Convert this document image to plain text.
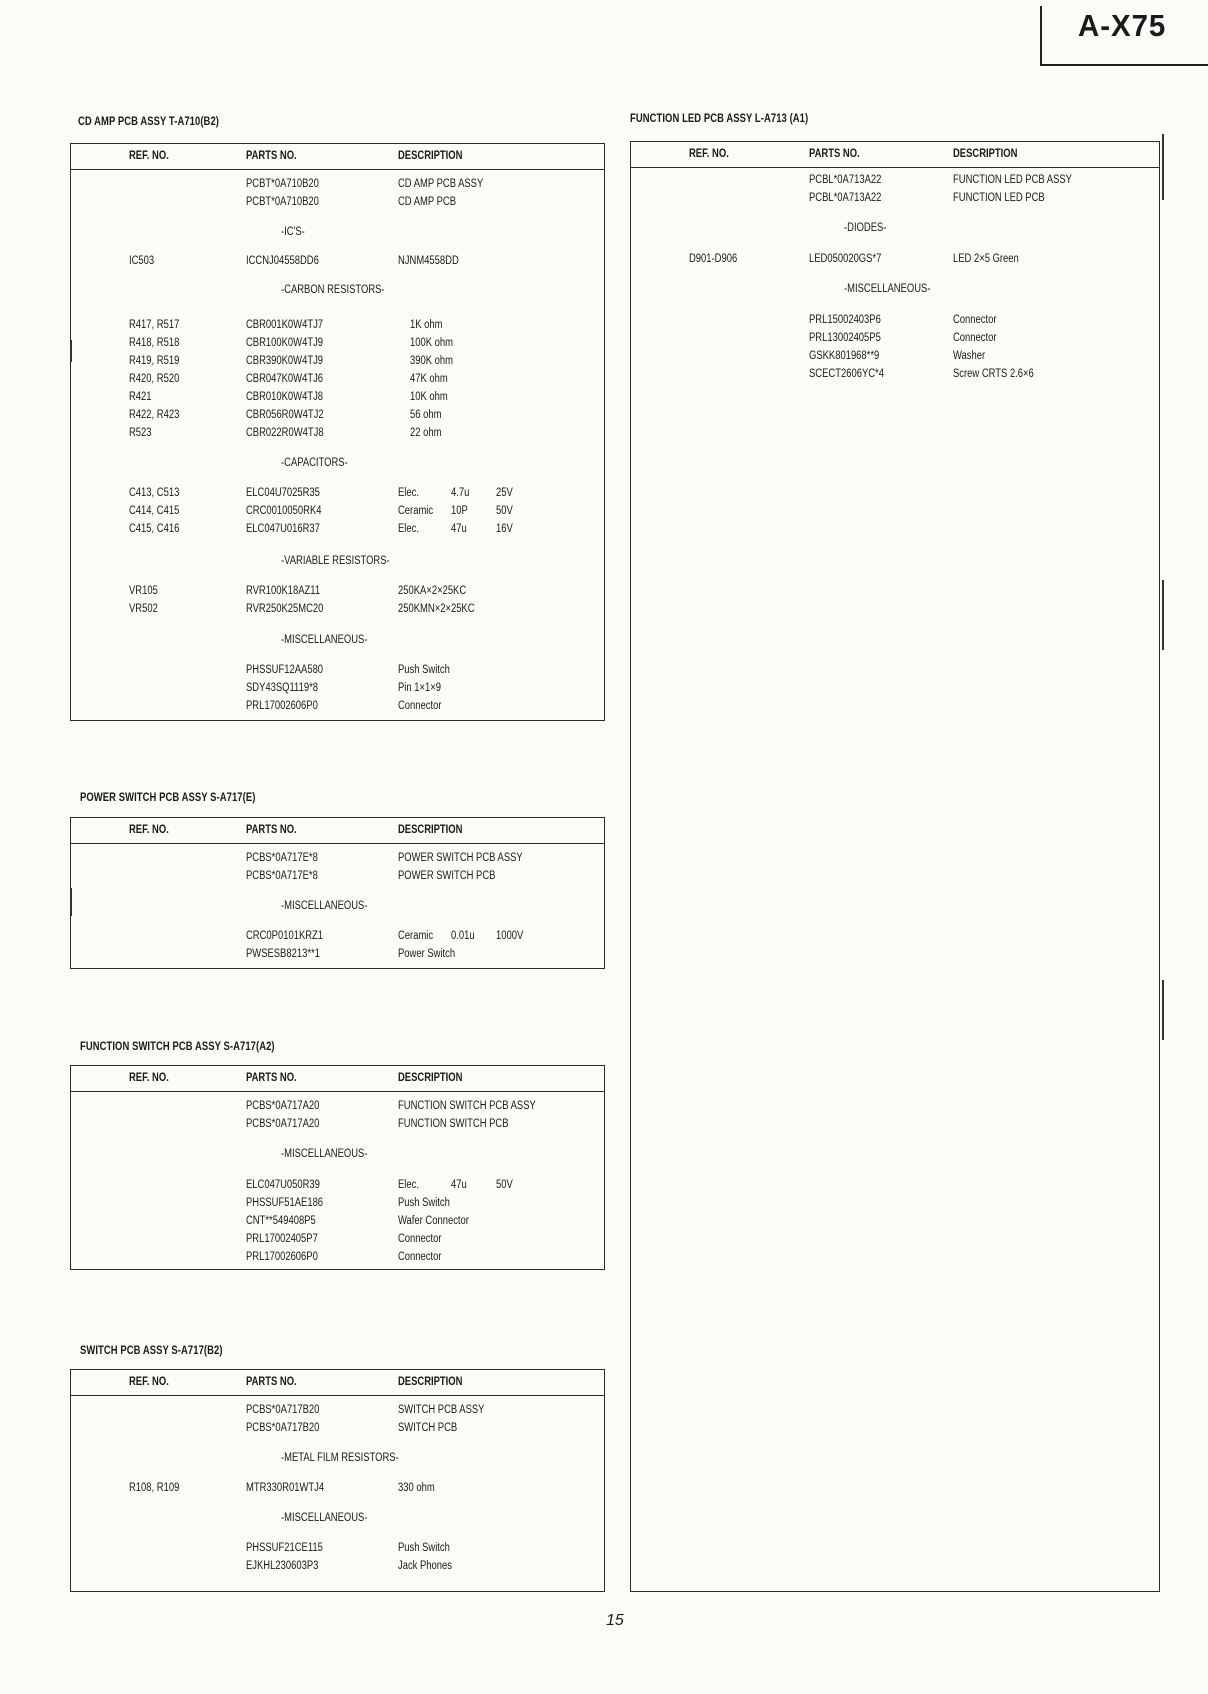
A-X75
CD AMP PCB ASSY T-A710(B2)
REF. NO.	PARTS NO.	DESCRIPTION
PCBT*0A710B20	CD AMP PCB ASSY
PCBT*0A710B20	CD AMP PCB
-IC'S-
IC503	ICCNJ04558DD6	NJNM4558DD
-CARBON RESISTORS-
R417, R517	CBR001K0W4TJ7	1K ohm
R418, R518	CBR100K0W4TJ9	100K ohm
R419, R519	CBR390K0W4TJ9	390K ohm
R420, R520	CBR047K0W4TJ6	47K ohm
R421	CBR010K0W4TJ8	10K ohm
R422, R423	CBR056R0W4TJ2	56 ohm
R523	CBR022R0W4TJ8	22 ohm
-CAPACITORS-
C413, C513	ELC04U7025R35	Elec.	4.7u 25V
C414, C415	CRC0010050RK4	Ceramic 10P 50V
C415, C416	ELC047U016R37	Elec.	47u	16V
-VARIABLE RESISTORS-
VR105	RVR100K18AZ11	250KA×2×25KC
VR502	RVR250K25MC20	250KMN×2×25KC
-MISCELLANEOUS-
PHSSUF12AA580	Push Switch
SDY43SQ1119*8	Pin 1×1×9
PRL17002606P0	Connector
POWER SWITCH PCB ASSY S-A717(E)
REF. NO.	PARTS NO.	DESCRIPTION
PCBS*0A717E*8	POWER SWITCH PCB ASSY
PCBS*0A717E*8	POWER SWITCH PCB
-MISCELLANEOUS-
CRC0P0101KRZ1	Ceramic 0.01u 1000V
PWSESB8213**1	Power Switch
FUNCTION SWITCH PCB ASSY S-A717(A2)
REF. NO.	PARTS NO.	DESCRIPTION
PCBS*0A717A20	FUNCTION SWITCH PCB ASSY
PCBS*0A717A20	FUNCTION SWITCH PCB
-MISCELLANEOUS-
ELC047U050R39	Elec.	47u	50V
PHSSUF51AE186	Push Switch
CNT**549408P5	Wafer Connector
PRL17002405P7	Connector
PRL17002606P0	Connector
SWITCH PCB ASSY S-A717(B2)
REF. NO.	PARTS NO.	DESCRIPTION
PCBS*0A717B20	SWITCH PCB ASSY
PCBS*0A717B20	SWITCH PCB
-METAL FILM RESISTORS-
R108, R109	MTR330R01WTJ4	330 ohm
-MISCELLANEOUS-
PHSSUF21CE115	Push Switch
EJKHL230603P3	Jack Phones
FUNCTION LED PCB ASSY L-A713 (A1)
REF. NO.	PARTS NO.	DESCRIPTION
PCBL*0A713A22	FUNCTION LED PCB ASSY
PCBL*0A713A22	FUNCTION LED PCB
-DIODES-
D901-D906	LED050020GS*7	LED 2×5 Green
-MISCELLANEOUS-
PRL15002403P6	Connector
PRL13002405P5	Connector
GSKK801968**9	Washer
SCECT2606YC*4	Screw CRTS 2.6×6
15
